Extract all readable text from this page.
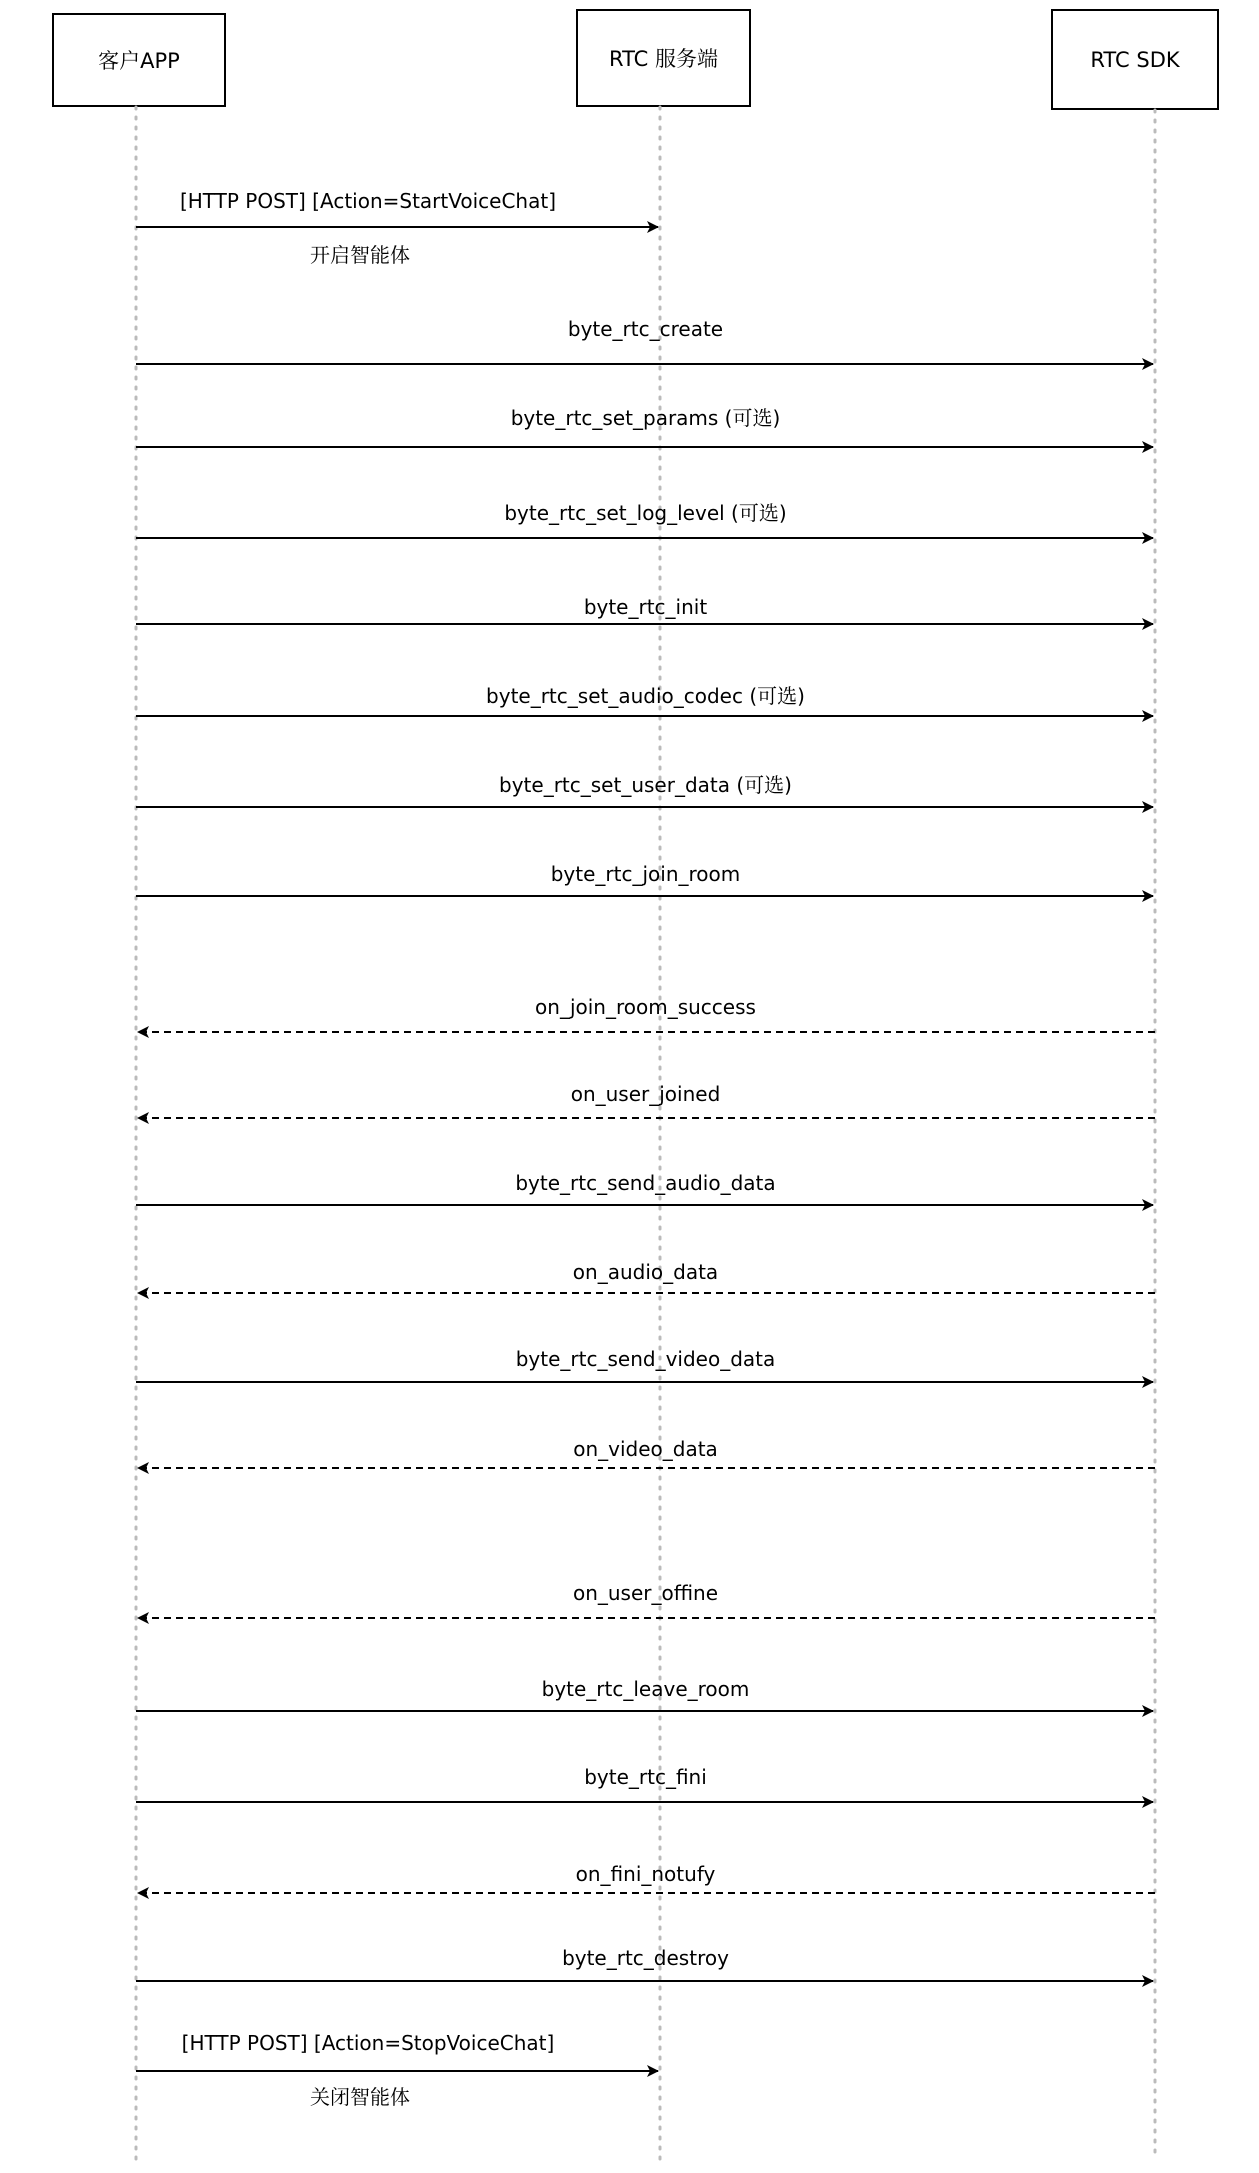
客户APP	RTC 服务端	RTC SDK
[HTTP POST] [Action=StartVoiceChat]
开启智能体
byte_rtc_create
byte_rtc_set_params (可选)
byte_rtc_set_log_level (可选)
byte_rtc_init
byte_rtc_set_audio_codec (可选)
byte_rtc_set_user_data (可选)
byte_rtc_join_room
on_join_room_success
on_user_joined
byte_rtc_send_audio_data
on_audio_data
byte_rtc_send_video_data
on_video_data
on_user_offine
byte_rtc_leave_room
byte_rtc_fini
on_fini_notufy
byte_rtc_destroy
[HTTP POST] [Action=StopVoiceChat]
关闭智能体
